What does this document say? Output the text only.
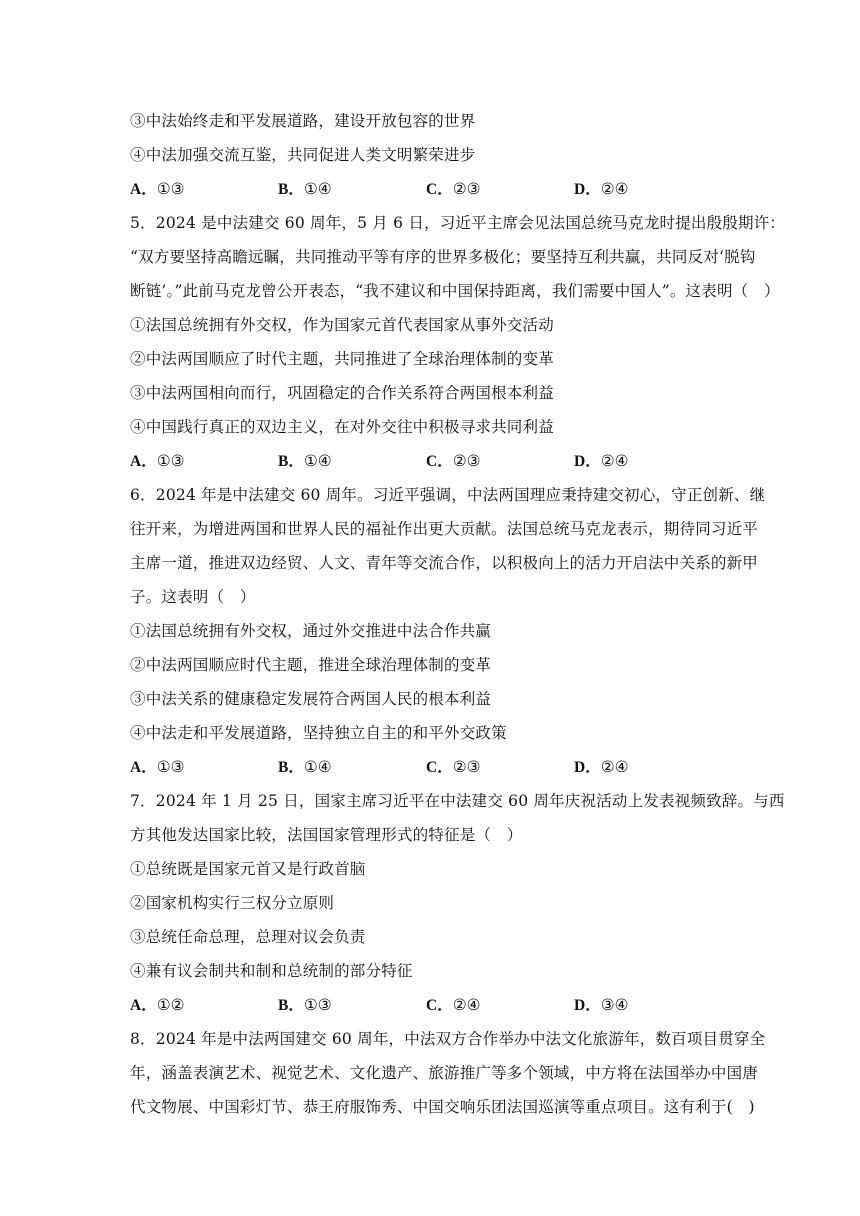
③中法始终走和平发展道路，建设开放包容的世界
④中法加强交流互鉴，共同促进人类文明繁荣进步
A．①③	B．①④	C．②③	D．②④
5．2024 是中法建交 60 周年，5 月 6 日，习近平主席会见法国总统马克龙时提出殷殷期许：
“双方要坚持高瞻远瞩，共同推动平等有序的世界多极化；要坚持互利共赢，共同反对‘脱钩
断链’。”此前马克龙曾公开表态，“我不建议和中国保持距离，我们需要中国人”。这表明（　）
①法国总统拥有外交权，作为国家元首代表国家从事外交活动
②中法两国顺应了时代主题，共同推进了全球治理体制的变革
③中法两国相向而行，巩固稳定的合作关系符合两国根本利益
④中国践行真正的双边主义，在对外交往中积极寻求共同利益
A．①③	B．①④	C．②③	D．②④
6．2024 年是中法建交 60 周年。习近平强调，中法两国理应秉持建交初心，守正创新、继
往开来，为增进两国和世界人民的福祉作出更大贡献。法国总统马克龙表示，期待同习近平
主席一道，推进双边经贸、人文、青年等交流合作，以积极向上的活力开启法中关系的新甲
子。这表明（　）
①法国总统拥有外交权，通过外交推进中法合作共赢
②中法两国顺应时代主题，推进全球治理体制的变革
③中法关系的健康稳定发展符合两国人民的根本利益
④中法走和平发展道路，坚持独立自主的和平外交政策
A．①③	B．①④	C．②③	D．②④
7．2024 年 1 月 25 日，国家主席习近平在中法建交 60 周年庆祝活动上发表视频致辞。与西
方其他发达国家比较，法国国家管理形式的特征是（　）
①总统既是国家元首又是行政首脑
②国家机构实行三权分立原则
③总统任命总理，总理对议会负责
④兼有议会制共和制和总统制的部分特征
A．①②	B．①③	C．②④	D．③④
8．2024 年是中法两国建交 60 周年，中法双方合作举办中法文化旅游年，数百项目贯穿全
年，涵盖表演艺术、视觉艺术、文化遗产、旅游推广等多个领域，中方将在法国举办中国唐
代文物展、中国彩灯节、恭王府服饰秀、中国交响乐团法国巡演等重点项目。这有利于(　)
